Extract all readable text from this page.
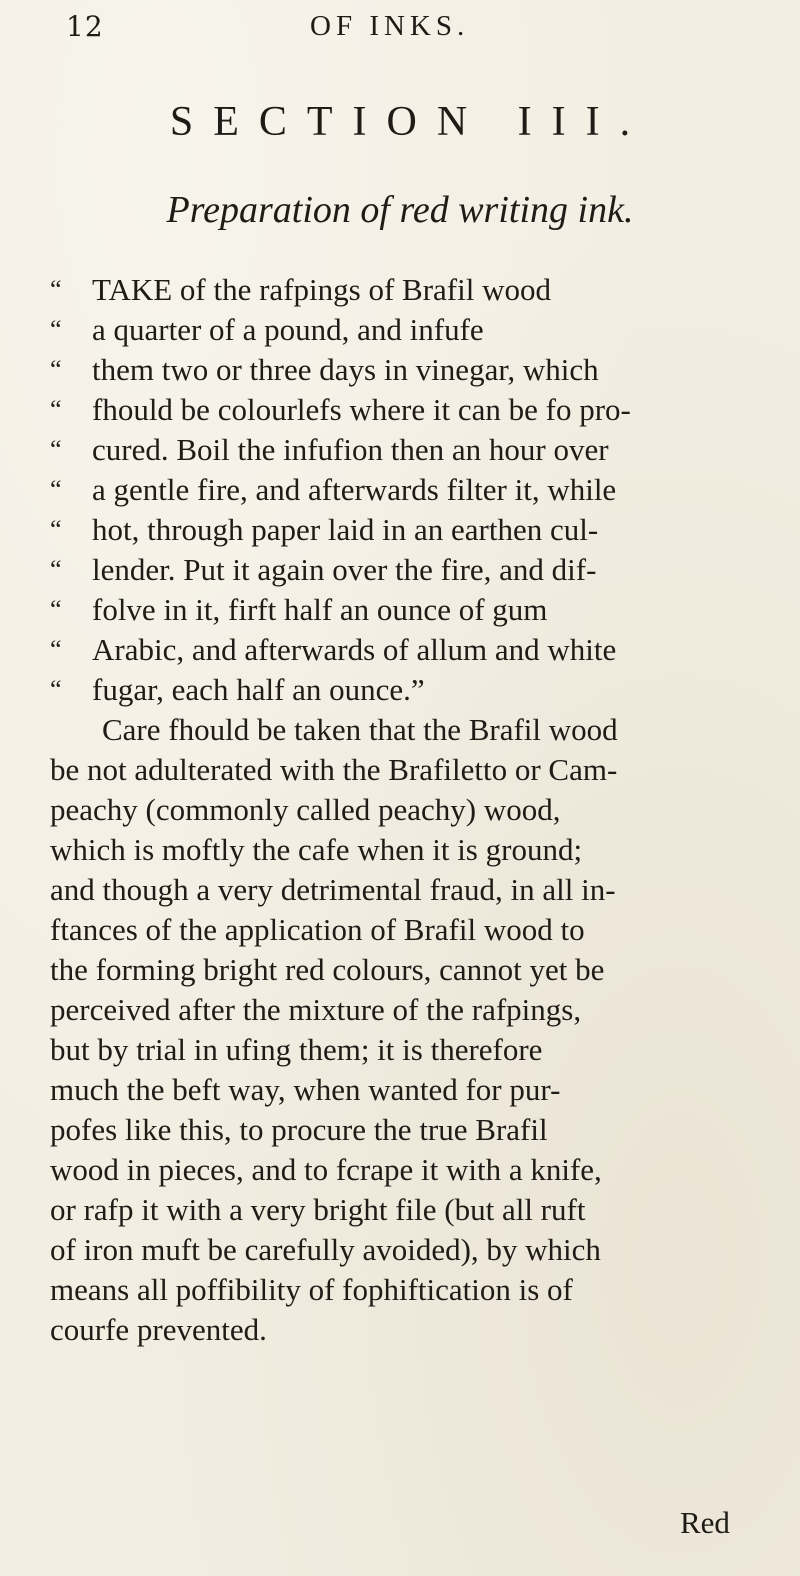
12	OF INKS.
SECTION III.
Preparation of red writing ink.
“ TAKE of the rafpings of Brafil wood
“ a quarter of a pound, and infufe
“ them two or three days in vinegar, which
“ fhould be colourlefs where it can be fo pro-
“ cured. Boil the infufion then an hour over
“ a gentle fire, and afterwards filter it, while
“ hot, through paper laid in an earthen cul-
“ lender. Put it again over the fire, and dif-
“ folve in it, firft half an ounce of gum
“ Arabic, and afterwards of allum and white
“ fugar, each half an ounce.”
Care fhould be taken that the Brafil wood
be not adulterated with the Brafiletto or Cam-
peachy (commonly called peachy) wood,
which is moftly the cafe when it is ground;
and though a very detrimental fraud, in all in-
ftances of the application of Brafil wood to
the forming bright red colours, cannot yet be
perceived after the mixture of the rafpings,
but by trial in ufing them; it is therefore
much the beft way, when wanted for pur-
pofes like this, to procure the true Brafil
wood in pieces, and to fcrape it with a knife,
or rafp it with a very bright file (but all ruft
of iron muft be carefully avoided), by which
means all poffibility of fophiftication is of
courfe prevented.
Red
